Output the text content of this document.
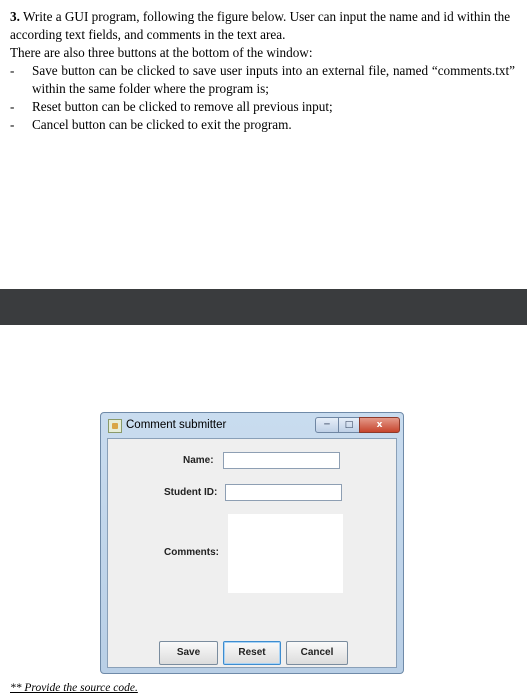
3. Write a GUI program, following the figure below. User can input the name and id within the according text fields, and comments in the text area.

There are also three buttons at the bottom of the window:

- Save button can be clicked to save user inputs into an external file, named “comments.txt” within the same folder where the program is;
- Reset button can be clicked to remove all previous input;
- Cancel button can be clicked to exit the program.
Comment submitter	─	□	x
Name:
Student ID:
Comments:
Save	Reset	Cancel
** Provide the source code.
